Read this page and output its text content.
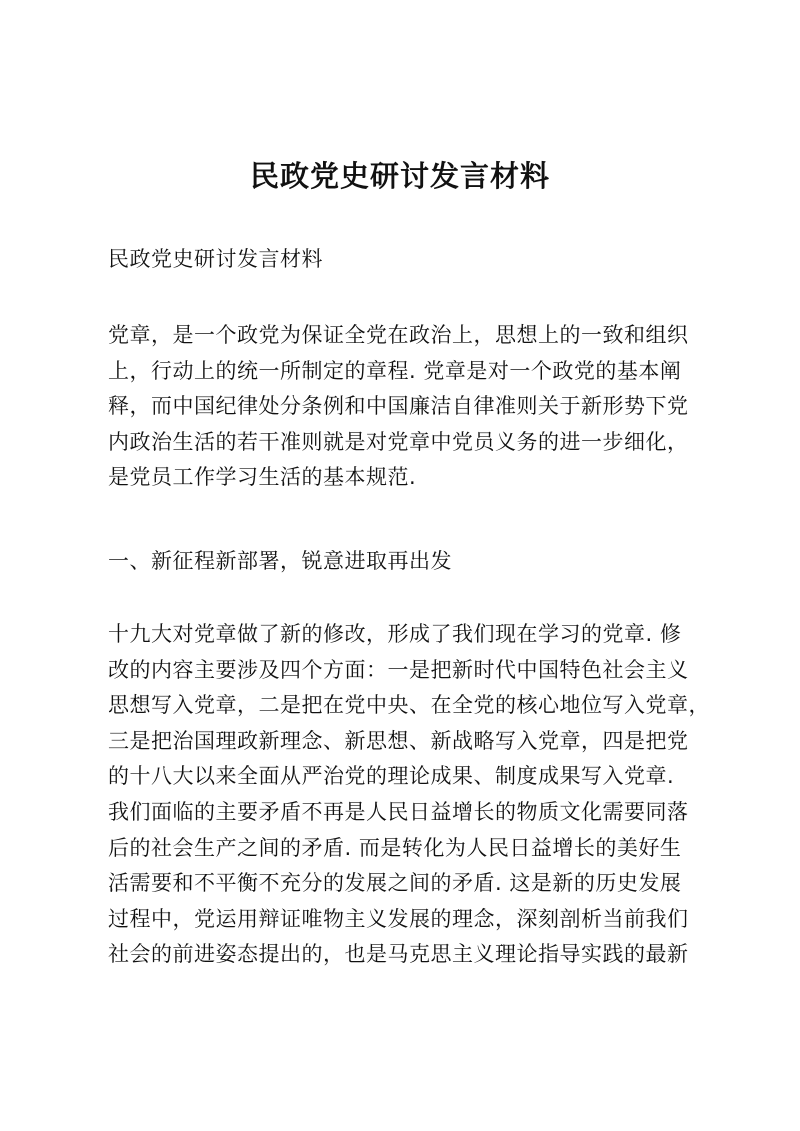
民政党史研讨发言材料

民政党史研讨发言材料

党章，是一个政党为保证全党在政治上，思想上的一致和组织
上，行动上的统一所制定的章程. 党章是对一个政党的基本阐
释，而中国纪律处分条例和中国廉洁自律准则关于新形势下党
内政治生活的若干准则就是对党章中党员义务的进一步细化，
是党员工作学习生活的基本规范.

一、新征程新部署，锐意进取再出发

十九大对党章做了新的修改，形成了我们现在学习的党章. 修
改的内容主要涉及四个方面：一是把新时代中国特色社会主义
思想写入党章，二是把在党中央、在全党的核心地位写入党章，
三是把治国理政新理念、新思想、新战略写入党章，四是把党
的十八大以来全面从严治党的理论成果、制度成果写入党章.
我们面临的主要矛盾不再是人民日益增长的物质文化需要同落
后的社会生产之间的矛盾. 而是转化为人民日益增长的美好生
活需要和不平衡不充分的发展之间的矛盾. 这是新的历史发展
过程中，党运用辩证唯物主义发展的理念，深刻剖析当前我们
社会的前进姿态提出的，也是马克思主义理论指导实践的最新
